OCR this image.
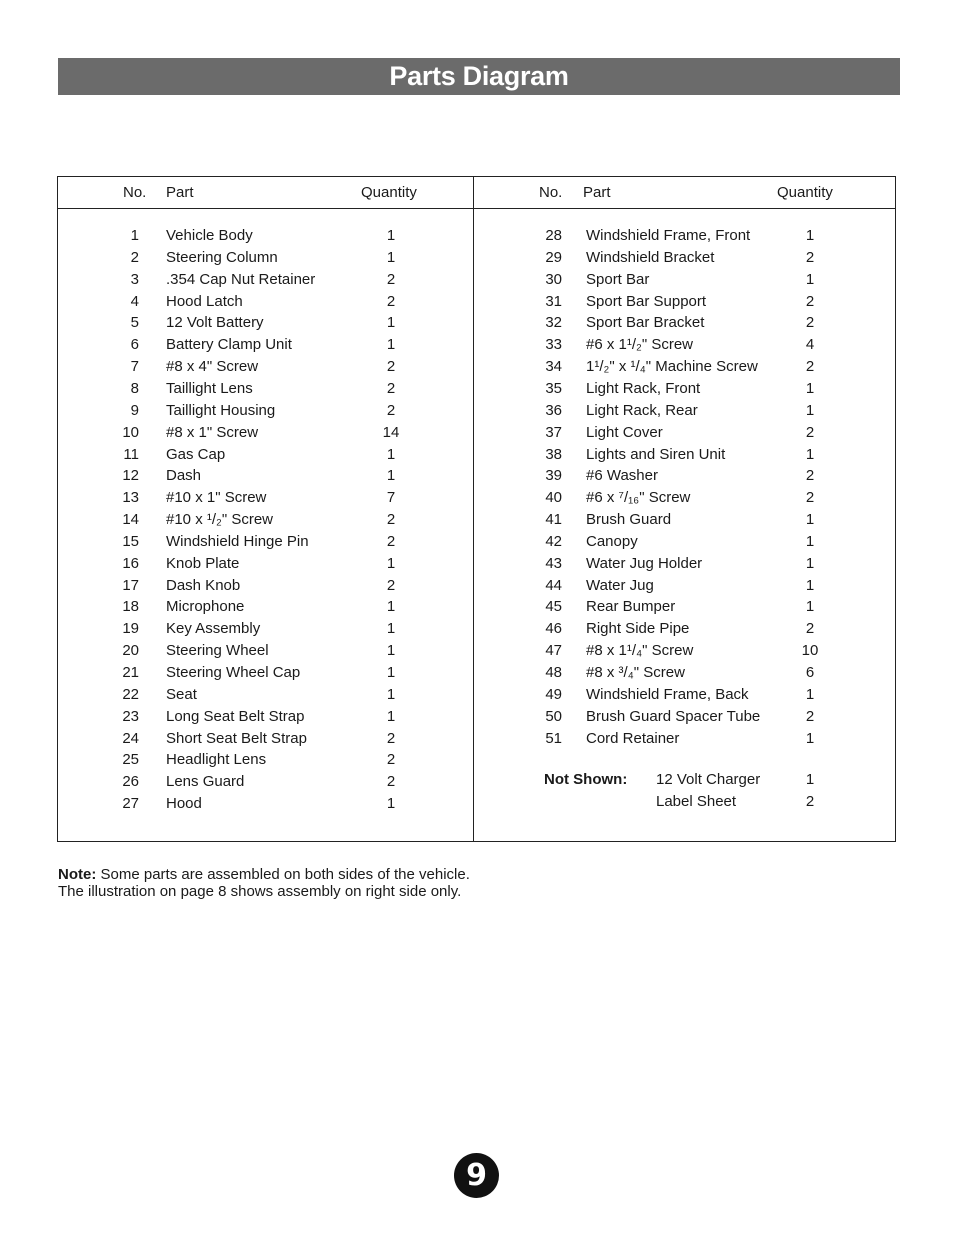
Parts Diagram
No. Part	Quantity	No. Part	Quantity
1 Vehicle Body	1
2 Steering Column	1
3 .354 Cap Nut Retainer	2
4 Hood Latch	2
5 12 Volt Battery	1
6 Battery Clamp Unit	1
7 #8 x 4" Screw	2
8 Taillight Lens	2
9 Taillight Housing	2
10 #8 x 1" Screw	14
11 Gas Cap	1
12 Dash	1
13 #10 x 1" Screw	7
14 #10 x ¹/₂" Screw	2
15 Windshield Hinge Pin	2
16 Knob Plate	1
17 Dash Knob	2
18 Microphone	1
19 Key Assembly	1
20 Steering Wheel	1
21 Steering Wheel Cap	1
22 Seat	1
23 Long Seat Belt Strap	1
24 Short Seat Belt Strap	2
25 Headlight Lens	2
26 Lens Guard	2
27 Hood	1
28 Windshield Frame, Front	1
29 Windshield Bracket	2
30 Sport Bar	1
31 Sport Bar Support	2
32 Sport Bar Bracket	2
33 #6 x 1¹/₂" Screw	4
34 1¹/₂" x ¹/₄" Machine Screw	2
35 Light Rack, Front	1
36 Light Rack, Rear	1
37 Light Cover	2
38 Lights and Siren Unit	1
39 #6 Washer	2
40 #6 x ⁷/₁₆" Screw	2
41 Brush Guard	1
42 Canopy	1
43 Water Jug Holder	1
44 Water Jug	1
45 Rear Bumper	1
46 Right Side Pipe	2
47 #8 x 1¹/₄" Screw	10
48 #8 x ³/₄" Screw	6
49 Windshield Frame, Back	1
50 Brush Guard Spacer Tube	2
51 Cord Retainer	1
Not Shown: 12 Volt Charger	1
Label Sheet	2
Note: Some parts are assembled on both sides of the vehicle.
The illustration on page 8 shows assembly on right side only.
9
